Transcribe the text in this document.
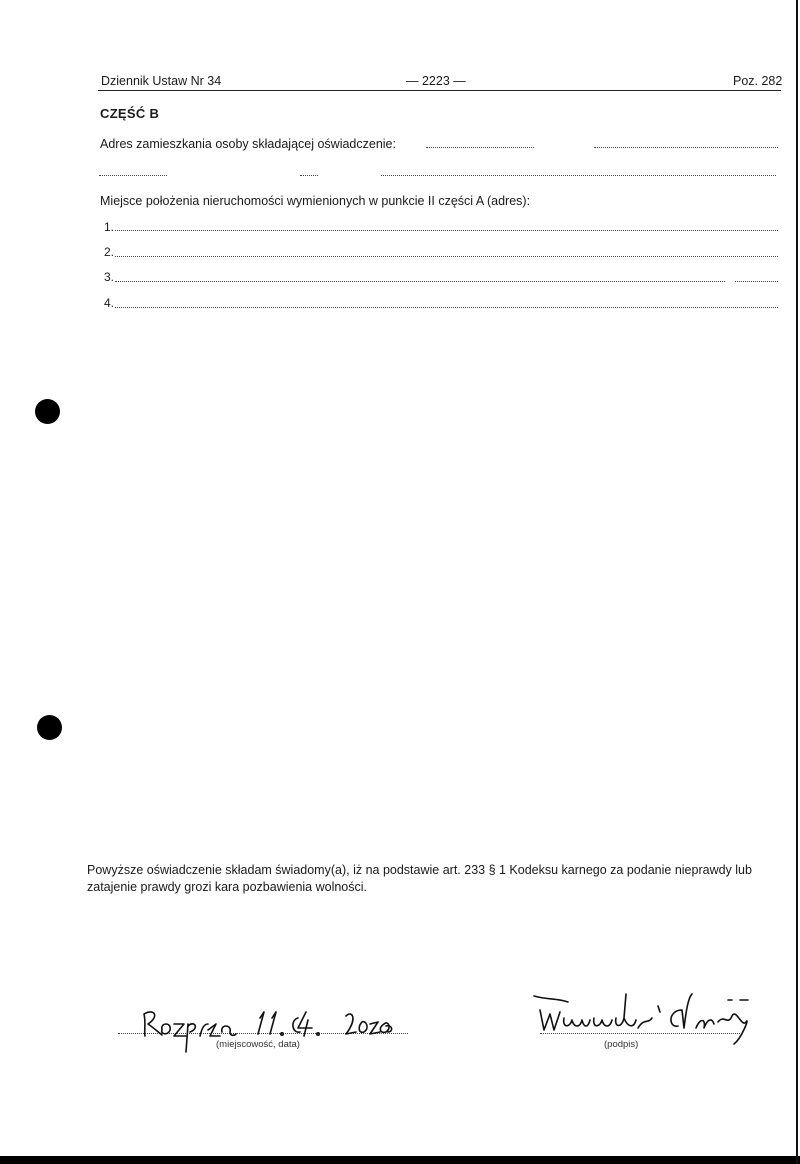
Dziennik Ustaw Nr 34	— 2223 —	Poz. 282
CZĘŚĆ B
Adres zamieszkania osoby składającej oświadczenie:
Miejsce położenia nieruchomości wymienionych w punkcie II części A (adres):
1.
2.
3.
4.
Powyższe oświadczenie składam świadomy(a), iż na podstawie art. 233 § 1 Kodeksu karnego za podanie nieprawdy lub zatajenie prawdy grozi kara pozbawienia wolności.
(miejscowość, data)	(podpis)
